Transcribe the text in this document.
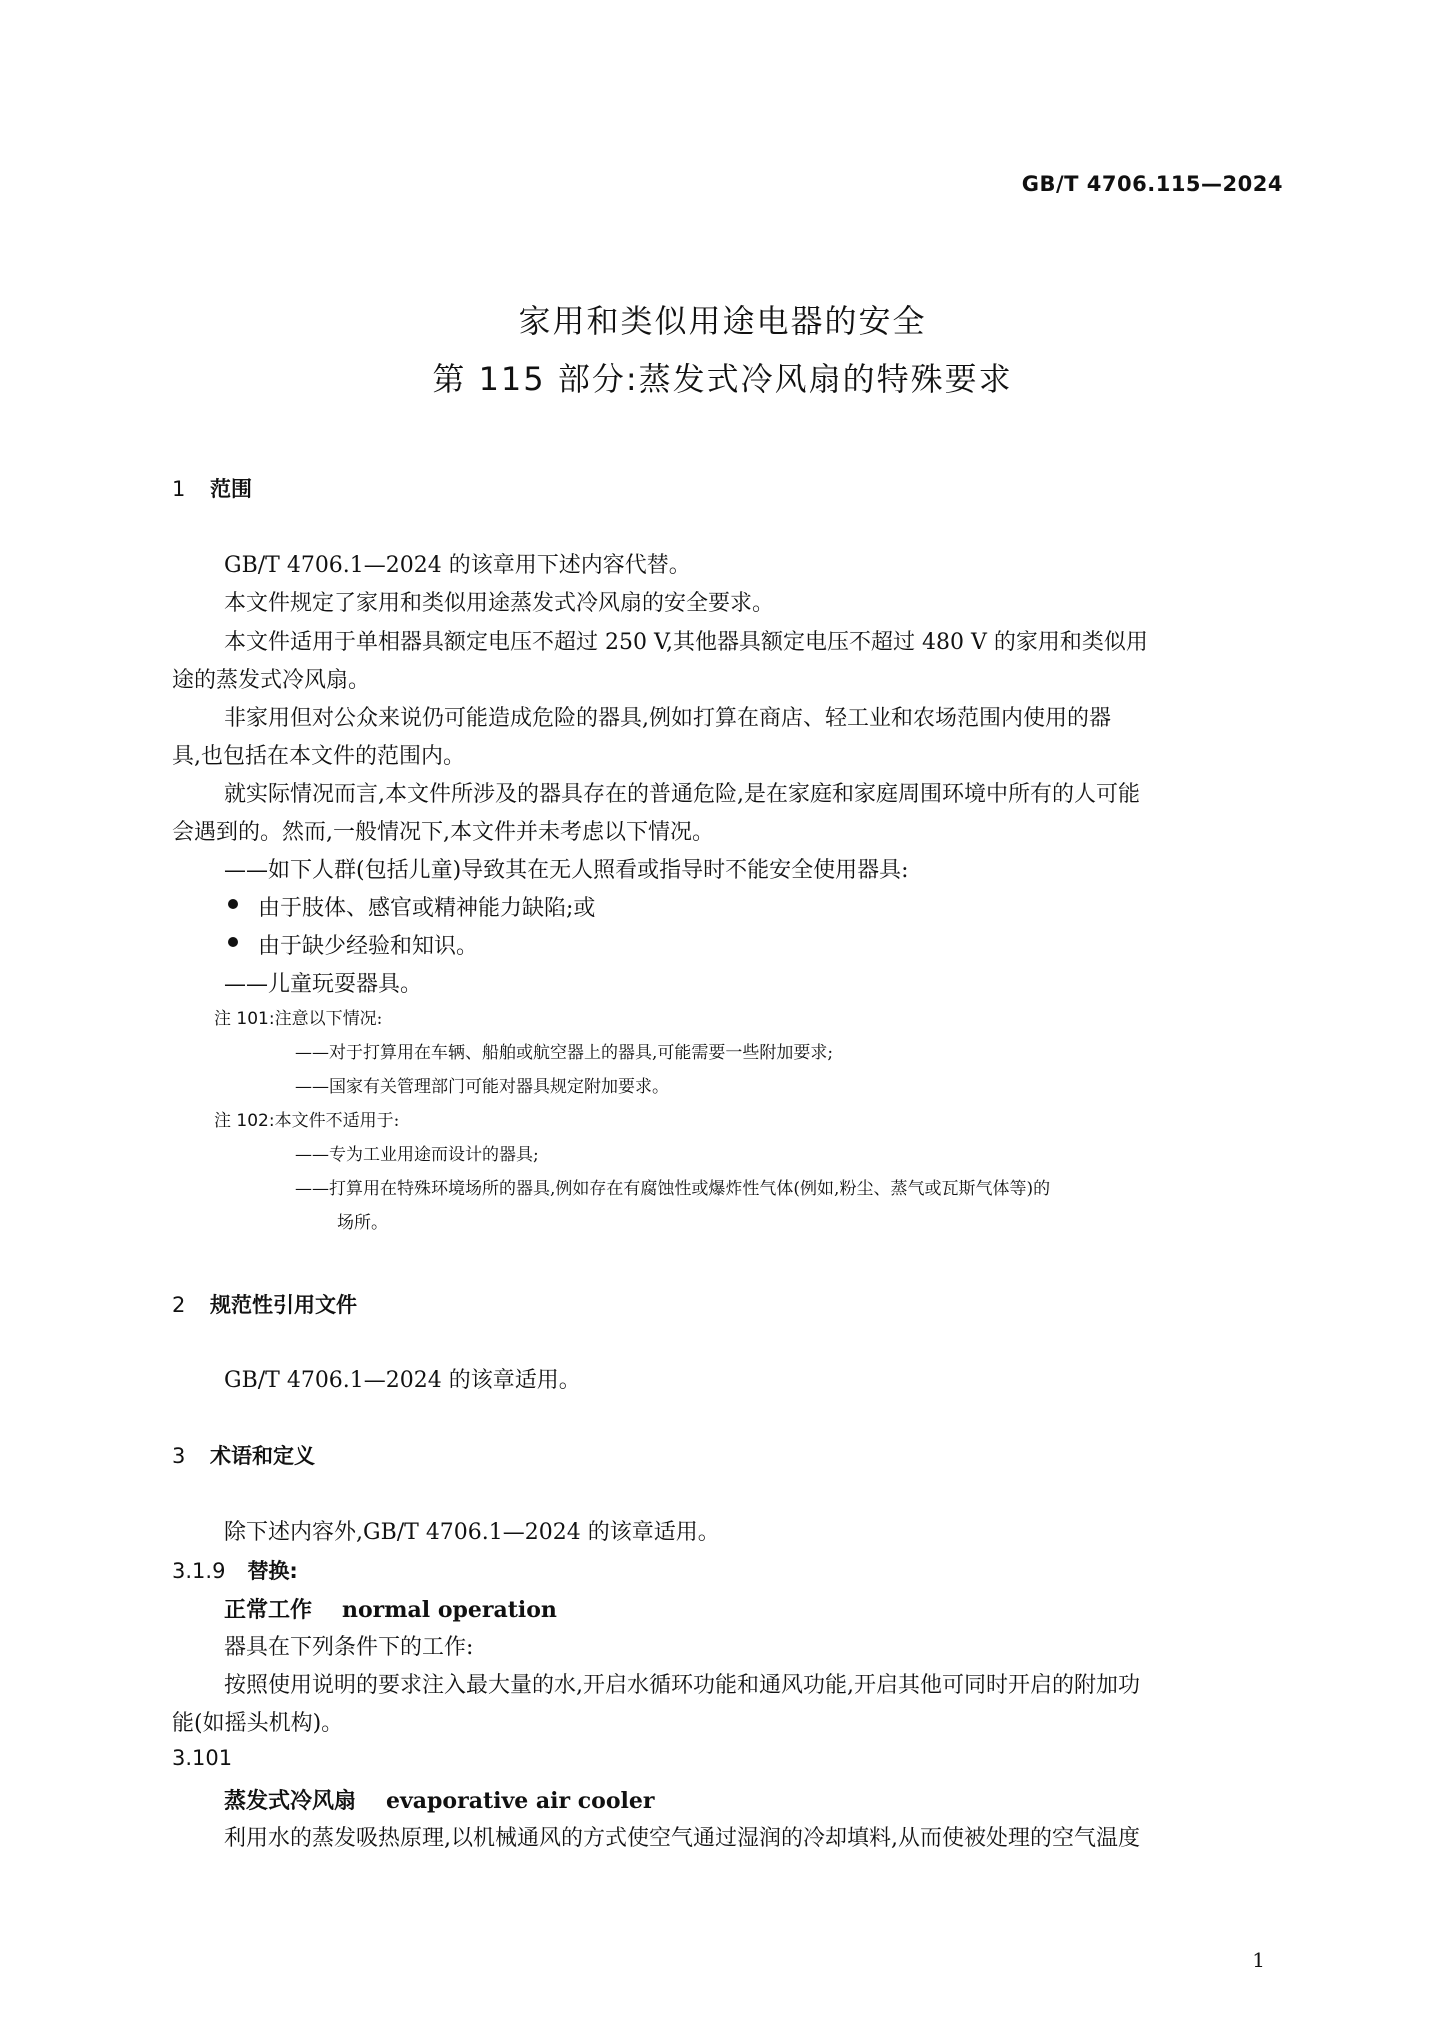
GB/T 4706.115—2024
家用和类似用途电器的安全
第 115 部分:蒸发式冷风扇的特殊要求
1 范围
GB/T 4706.1—2024 的该章用下述内容代替。
本文件规定了家用和类似用途蒸发式冷风扇的安全要求。
本文件适用于单相器具额定电压不超过 250 V,其他器具额定电压不超过 480 V 的家用和类似用
途的蒸发式冷风扇。
非家用但对公众来说仍可能造成危险的器具,例如打算在商店、轻工业和农场范围内使用的器
具,也包括在本文件的范围内。
就实际情况而言,本文件所涉及的器具存在的普通危险,是在家庭和家庭周围环境中所有的人可能
会遇到的。然而,一般情况下,本文件并未考虑以下情况。
——如下人群(包括儿童)导致其在无人照看或指导时不能安全使用器具:
由于肢体、感官或精神能力缺陷;或
由于缺少经验和知识。
——儿童玩耍器具。
注 101:注意以下情况:
——对于打算用在车辆、船舶或航空器上的器具,可能需要一些附加要求;
——国家有关管理部门可能对器具规定附加要求。
注 102:本文件不适用于:
——专为工业用途而设计的器具;
——打算用在特殊环境场所的器具,例如存在有腐蚀性或爆炸性气体(例如,粉尘、蒸气或瓦斯气体等)的
场所。
2 规范性引用文件
GB/T 4706.1—2024 的该章适用。
3 术语和定义
除下述内容外,GB/T 4706.1—2024 的该章适用。
3.1.9 替换:
正常工作 normal operation
器具在下列条件下的工作:
按照使用说明的要求注入最大量的水,开启水循环功能和通风功能,开启其他可同时开启的附加功
能(如摇头机构)。
3.101
蒸发式冷风扇 evaporative air cooler
利用水的蒸发吸热原理,以机械通风的方式使空气通过湿润的冷却填料,从而使被处理的空气温度
1
